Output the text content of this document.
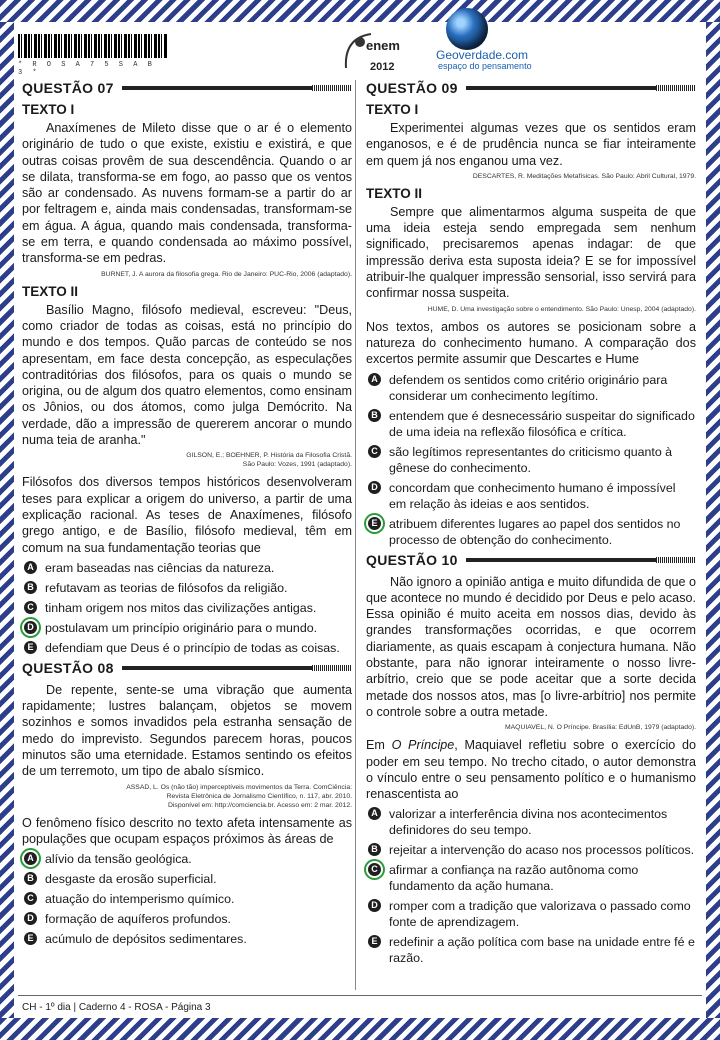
* R O S A 7 5 S A B 3 *
enem
2012
Geoverdade.com
espaço do pensamento
QUESTÃO 07
TEXTO I

Anaxímenes de Mileto disse que o ar é o elemento originário de tudo o que existe, existiu e existirá, e que outras coisas provêm de sua descendência. Quando o ar se dilata, transforma-se em fogo, ao passo que os ventos são ar condensado. As nuvens formam-se a partir do ar por feltragem e, ainda mais condensadas, transformam-se em água. A água, quando mais condensada, transforma-se em terra, e quando condensada ao máximo possível, transforma-se em pedras.

BURNET, J. A aurora da filosofia grega. Rio de Janeiro: PUC-Rio, 2006 (adaptado).
TEXTO II

Basílio Magno, filósofo medieval, escreveu: "Deus, como criador de todas as coisas, está no princípio do mundo e dos tempos. Quão parcas de conteúdo se nos apresentam, em face desta concepção, as especulações contraditórias dos filósofos, para os quais o mundo se origina, ou de algum dos quatro elementos, como ensinam os Jônios, ou dos átomos, como julga Demócrito. Na verdade, dão a impressão de quererem ancorar o mundo numa teia de aranha."

GILSON, E.; BOEHNER, P. História da Filosofia Cristã.
São Paulo: Vozes, 1991 (adaptado).

Filósofos dos diversos tempos históricos desenvolveram teses para explicar a origem do universo, a partir de uma explicação racional. As teses de Anaxímenes, filósofo grego antigo, e de Basílio, filósofo medieval, têm em comum na sua fundamentação teorias que

A eram baseadas nas ciências da natureza.
B refutavam as teorias de filósofos da religião.
C tinham origem nos mitos das civilizações antigas.
D postulavam um princípio originário para o mundo.
E defendiam que Deus é o princípio de todas as coisas.
QUESTÃO 08

De repente, sente-se uma vibração que aumenta rapidamente; lustres balançam, objetos se movem sozinhos e somos invadidos pela estranha sensação de medo do imprevisto. Segundos parecem horas, poucos minutos são uma eternidade. Estamos sentindo os efeitos de um terremoto, um tipo de abalo sísmico.

ASSAD, L. Os (não tão) imperceptíveis movimentos da Terra. ComCiência:
Revista Eletrônica de Jornalismo Científico, n. 117, abr. 2010.
Disponível em: http://comciencia.br. Acesso em: 2 mar. 2012.

O fenômeno físico descrito no texto afeta intensamente as populações que ocupam espaços próximos às áreas de

A alívio da tensão geológica.
B desgaste da erosão superficial.
C atuação do intemperismo químico.
D formação de aquíferos profundos.
E acúmulo de depósitos sedimentares.
QUESTÃO 09
TEXTO I

Experimentei algumas vezes que os sentidos eram enganosos, e é de prudência nunca se fiar inteiramente em quem já nos enganou uma vez.

DESCARTES, R. Meditações Metafísicas. São Paulo: Abril Cultural, 1979.
TEXTO II

Sempre que alimentarmos alguma suspeita de que uma ideia esteja sendo empregada sem nenhum significado, precisaremos apenas indagar: de que impressão deriva esta suposta ideia? E se for impossível atribuir-lhe qualquer impressão sensorial, isso servirá para confirmar nossa suspeita.

HUME, D. Uma investigação sobre o entendimento. São Paulo: Unesp, 2004 (adaptado).

Nos textos, ambos os autores se posicionam sobre a natureza do conhecimento humano. A comparação dos excertos permite assumir que Descartes e Hume

A defendem os sentidos como critério originário para considerar um conhecimento legítimo.
B entendem que é desnecessário suspeitar do significado de uma ideia na reflexão filosófica e crítica.
C são legítimos representantes do criticismo quanto à gênese do conhecimento.
D concordam que conhecimento humano é impossível em relação às ideias e aos sentidos.
E atribuem diferentes lugares ao papel dos sentidos no processo de obtenção do conhecimento.
QUESTÃO 10

Não ignoro a opinião antiga e muito difundida de que o que acontece no mundo é decidido por Deus e pelo acaso. Essa opinião é muito aceita em nossos dias, devido às grandes transformações ocorridas, e que ocorrem diariamente, as quais escapam à conjectura humana. Não obstante, para não ignorar inteiramente o nosso livre-arbítrio, creio que se pode aceitar que a sorte decida metade dos nossos atos, mas [o livre-arbítrio] nos permite o controle sobre a outra metade.

MAQUIAVEL, N. O Príncipe. Brasília: EdUnB, 1979 (adaptado).

Em O Príncipe, Maquiavel refletiu sobre o exercício do poder em seu tempo. No trecho citado, o autor demonstra o vínculo entre o seu pensamento político e o humanismo renascentista ao

A valorizar a interferência divina nos acontecimentos definidores do seu tempo.
B rejeitar a intervenção do acaso nos processos políticos.
C afirmar a confiança na razão autônoma como fundamento da ação humana.
D romper com a tradição que valorizava o passado como fonte de aprendizagem.
E redefinir a ação política com base na unidade entre fé e razão.
CH - 1º dia | Caderno 4 - ROSA - Página 3
